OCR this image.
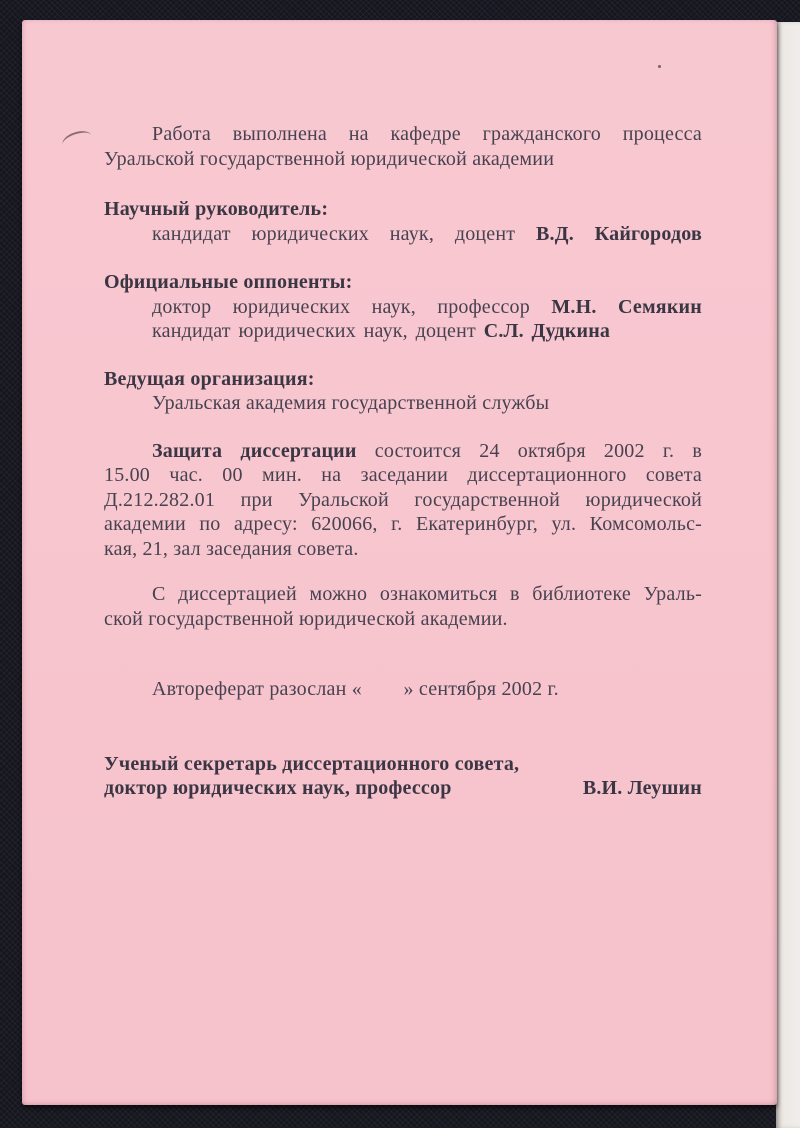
Работа выполнена на кафедре гражданского процесса
Уральской государственной юридической академии
Научный руководитель:
кандидат юридических наук, доцент В.Д. Кайгородов
Официальные оппоненты:
доктор юридических наук, профессор М.Н. Семякин
кандидат юридических наук, доцент С.Л. Дудкина
Ведущая организация:
Уральская академия государственной службы
Защита диссертации состоится 24 октября 2002 г. в
15.00 час. 00 мин. на заседании диссертационного совета
Д.212.282.01 при Уральской государственной юридической
академии по адресу: 620066, г. Екатеринбург, ул. Комсомольс-
кая, 21, зал заседания совета.
С диссертацией можно ознакомиться в библиотеке Ураль-
ской государственной юридической академии.
Автореферат разослан «        » сентября 2002 г.
Ученый секретарь диссертационного совета,
доктор юридических наук, профессор	В.И. Леушин
